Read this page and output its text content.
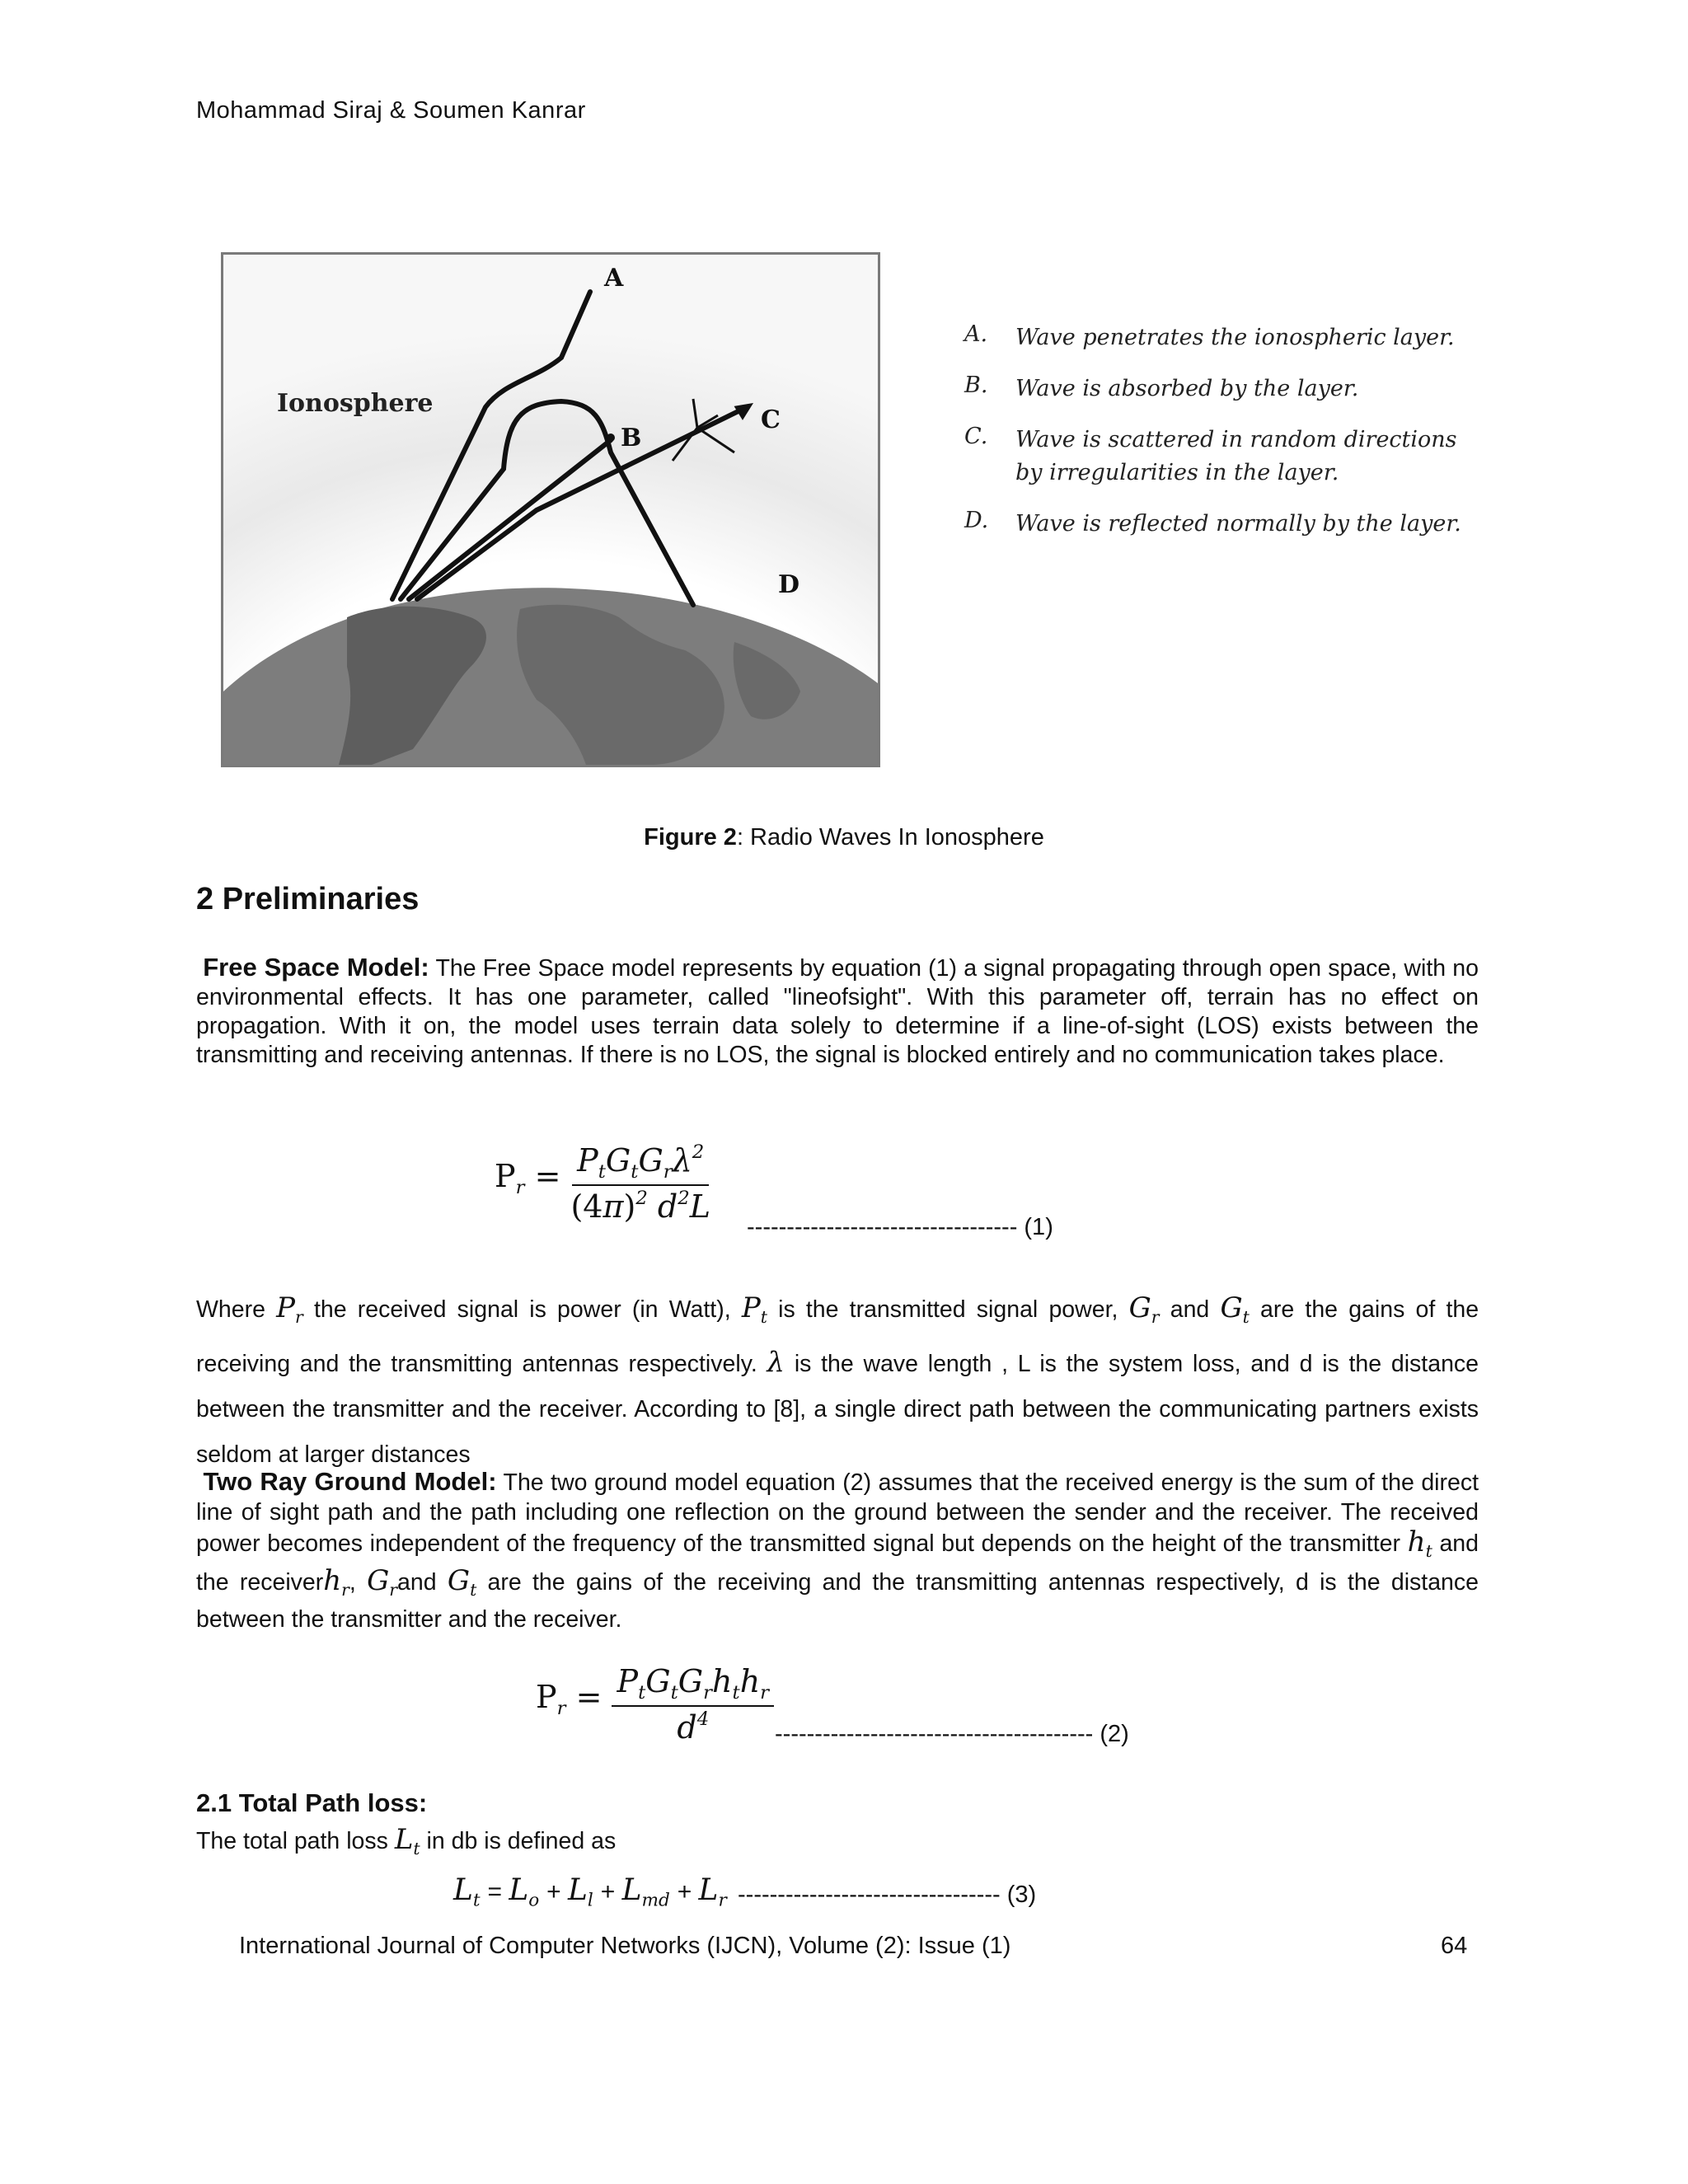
Mohammad Siraj & Soumen Kanrar
A
B
C
D
Ionosphere
A.	Wave penetrates the ionospheric layer.
B.	Wave is absorbed by the layer.
C.	Wave is scattered in random directions by irregularities in the layer.
D.	Wave is reflected normally by the layer.
Figure 2: Radio Waves In Ionosphere
2 Preliminaries
Free Space Model: The Free Space model represents by equation (1) a signal propagating through open space, with no environmental effects. It has one parameter, called "lineofsight". With this parameter off, terrain has no effect on propagation. With it on, the model uses terrain data solely to determine if a line-of-sight (LOS) exists between the transmitting and receiving antennas. If there is no LOS, the signal is blocked entirely and no communication takes place.
$P_r = \frac{P_tG_tG_r\lambda^2}{(4\pi)^2 d^2L}$
---------------------------------- (1)
Where $P_r$ the received signal is power (in Watt), $P_t$ is the transmitted signal power, $G_r$ and $G_t$ are the gains of the receiving and the transmitting antennas respectively. λ is the wave length , L is the system loss, and d is the distance between the transmitter and the receiver. According to [8], a single direct path between the communicating partners exists seldom at larger distances
Two Ray Ground Model: The two ground model equation (2) assumes that the received energy is the sum of the direct line of sight path and the path including one reflection on the ground between the sender and the receiver. The received power becomes independent of the frequency of the transmitted signal but depends on the height of the transmitter $h_t$ and the receiverh$_r$, $G_rand$ $G_t$ are the gains of the receiving and the transmitting antennas respectively, d is the distance between the transmitter and the receiver.
$P_r = \frac{P_tG_tG_rh_th_r}{d^4}$ ---------------------------------------- (2)
2.1 Total Path loss:
The total path loss $L_t$ in db is defined as
$L_t = L_o + L_l + L_{md} + L_r$ --------------------------------- (3)
International Journal of Computer Networks (IJCN), Volume (2): Issue (1)	64
